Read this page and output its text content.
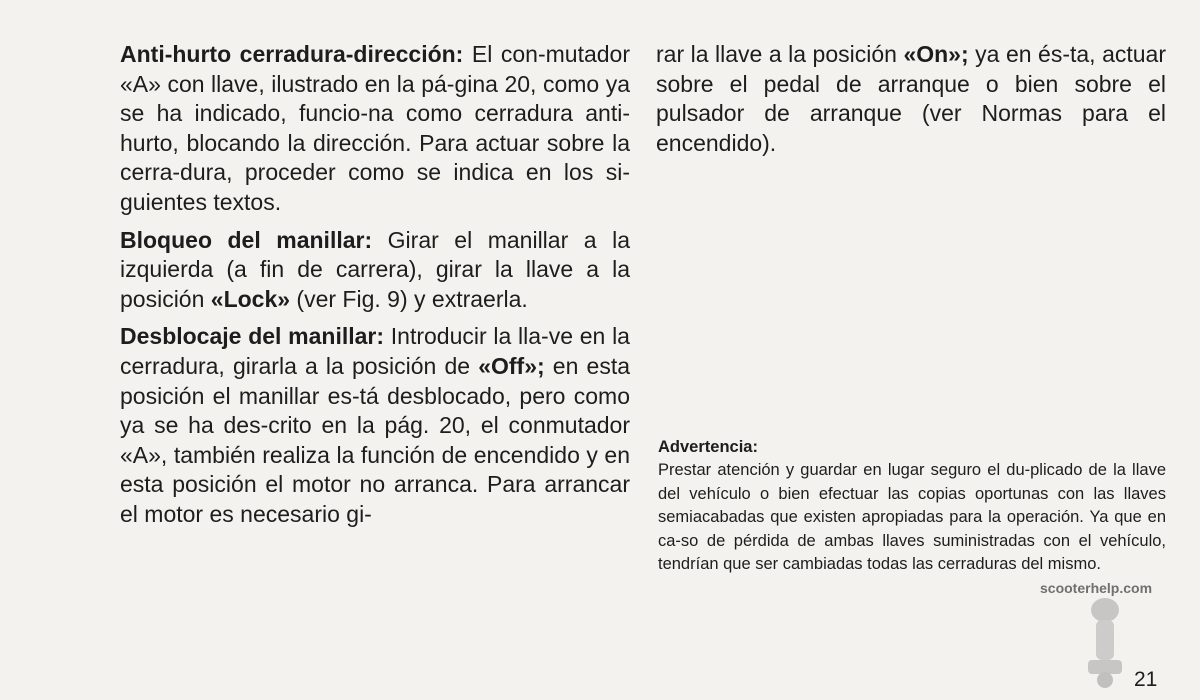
Anti-hurto cerradura-dirección: El con-mutador «A» con llave, ilustrado en la pá-gina 20, como ya se ha indicado, funcio-na como cerradura anti-hurto, blocando la dirección. Para actuar sobre la cerra-dura, proceder como se indica en los si-guientes textos.

Bloqueo del manillar: Girar el manillar a la izquierda (a fin de carrera), girar la llave a la posición «Lock» (ver Fig. 9) y extraerla.

Desblocaje del manillar: Introducir la lla-ve en la cerradura, girarla a la posición de «Off»; en esta posición el manillar es-tá desblocado, pero como ya se ha des-crito en la pág. 20, el conmutador «A», también realiza la función de encendido y en esta posición el motor no arranca. Para arrancar el motor es necesario gi-

rar la llave a la posición «On»; ya en és-ta, actuar sobre el pedal de arranque o bien sobre el pulsador de arranque (ver Normas para el encendido).

Advertencia:

Prestar atención y guardar en lugar seguro el du-plicado de la llave del vehículo o bien efectuar las copias oportunas con las llaves semiacabadas que existen apropiadas para la operación. Ya que en ca-so de pérdida de ambas llaves suministradas con el vehículo, tendrían que ser cambiadas todas las cerraduras del mismo.

scooterhelp.com
21
